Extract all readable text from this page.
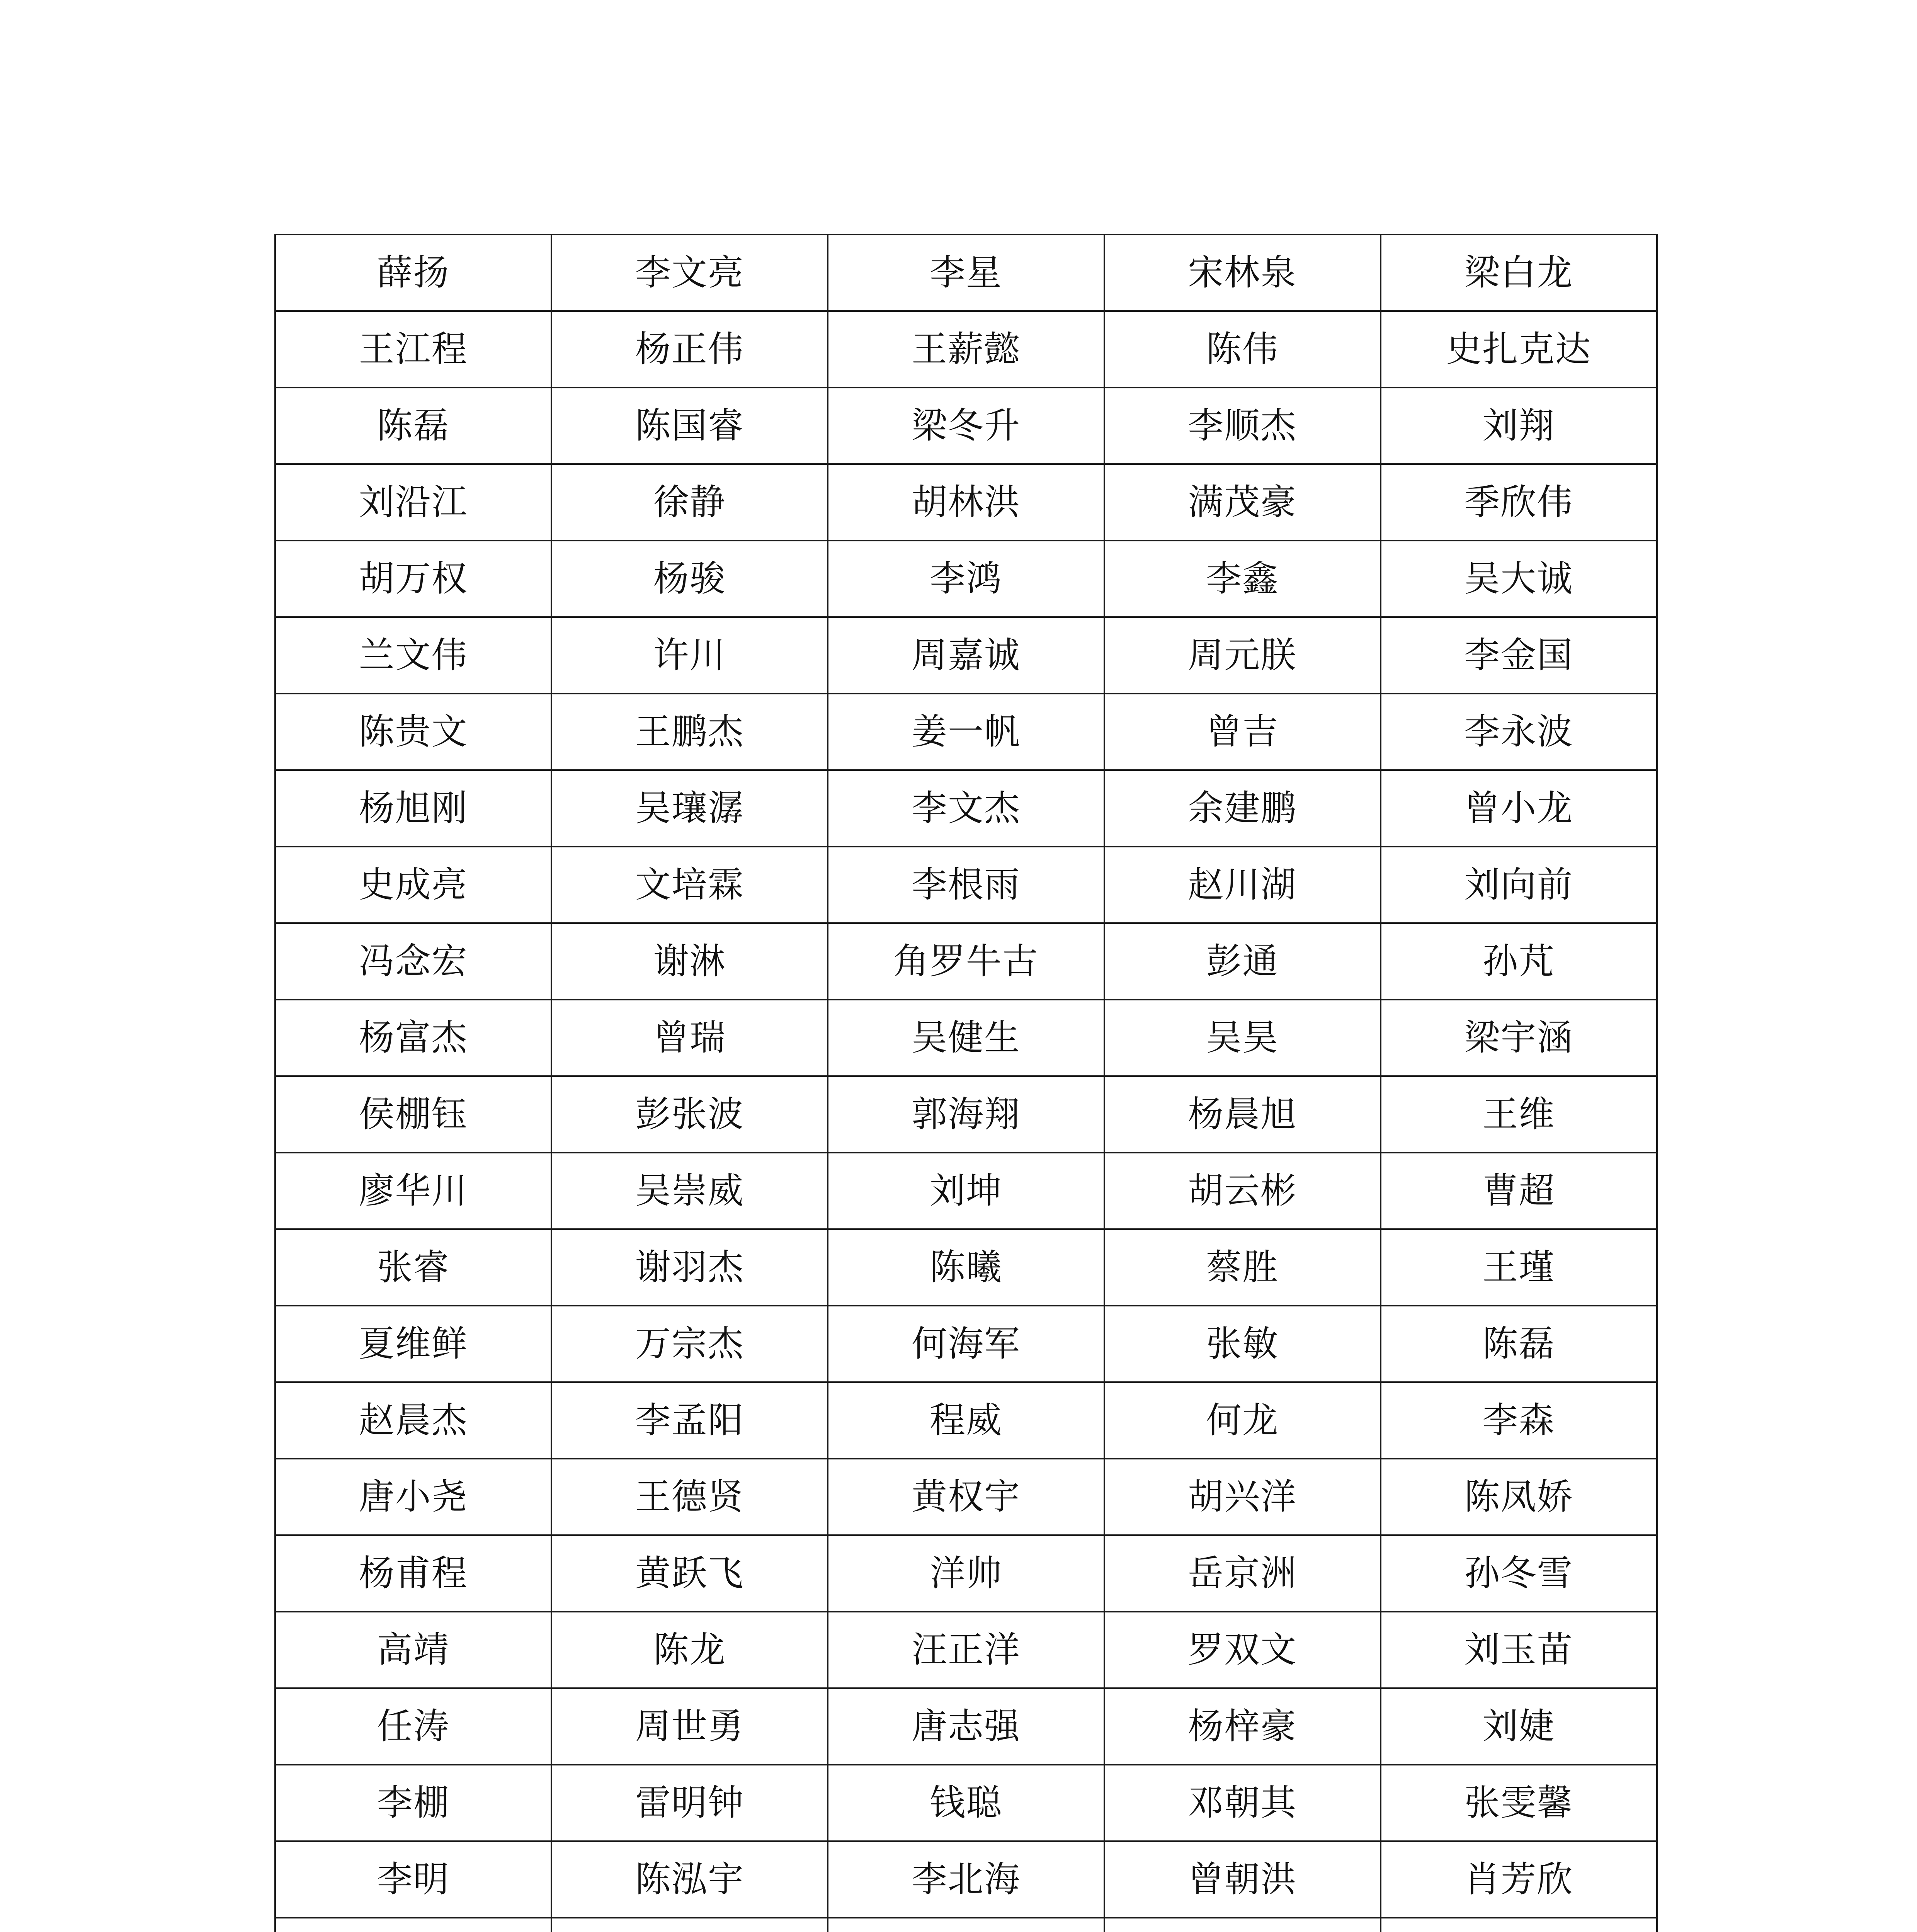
薛扬	李文亮	李星	宋林泉	梁白龙
王江程	杨正伟	王薪懿	陈伟	史扎克达
陈磊	陈国睿	梁冬升	李顺杰	刘翔
刘沿江	徐静	胡林洪	满茂豪	季欣伟
胡万权	杨骏	李鸿	李鑫	吴大诚
兰文伟	许川	周嘉诚	周元朕	李金国
陈贵文	王鹏杰	姜一帆	曾吉	李永波
杨旭刚	吴瓖潺	李文杰	余建鹏	曾小龙
史成亮	文培霖	李根雨	赵川湖	刘向前
冯念宏	谢淋	角罗牛古	彭通	孙芃
杨富杰	曾瑞	吴健生	吴昊	梁宇涵
侯棚钰	彭张波	郭海翔	杨晨旭	王维
廖华川	吴崇威	刘坤	胡云彬	曹超
张睿	谢羽杰	陈曦	蔡胜	王瑾
夏维鲜	万宗杰	何海军	张敏	陈磊
赵晨杰	李孟阳	程威	何龙	李森
唐小尧	王德贤	黄权宇	胡兴洋	陈凤娇
杨甫程	黄跃飞	洋帅	岳京洲	孙冬雪
高靖	陈龙	汪正洋	罗双文	刘玉苗
任涛	周世勇	唐志强	杨梓豪	刘婕
李棚	雷明钟	钱聪	邓朝其	张雯馨
李明	陈泓宇	李北海	曾朝洪	肖芳欣
